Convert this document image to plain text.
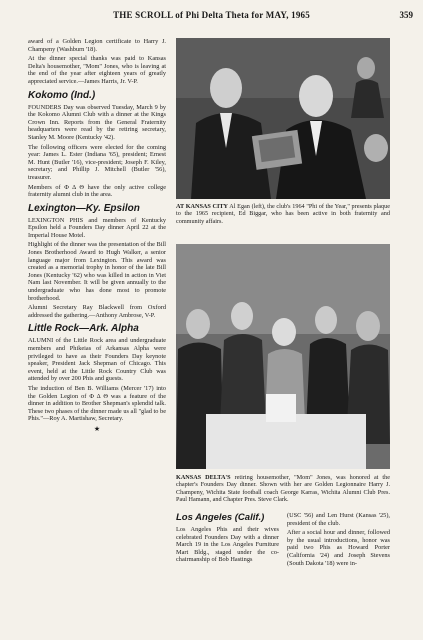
THE SCROLL of Phi Delta Theta for MAY, 1965	359

award of a Golden Legion certificate to Harry J. Champeny (Washburn '18).

At the dinner special thanks was paid to Kansas Delta's housemother, "Mom" Jones, who is leaving at the end of the year after eighteen years of greatly appreciated service.—James Harris, Jr. V-P.

Kokomo (Ind.)

FOUNDERS Day was observed Tuesday, March 9 by the Kokomo Alumni Club with a dinner at the Kings Crown Inn. Reports from the General Fraternity headquarters were read by the retiring secretary, Stanley M. Moore (Kentucky '42).

The following officers were elected for the coming year: James L. Ester (Indiana '65), president; Ernest M. Hunt (Butler '16), vice-president; Joseph F. Kiley, secretary; and Phillip J. Mitchell (Butler '56), treasurer.

Members of Φ Δ Θ have the only active college fraternity alumni club in the area.

Lexington—Ky. Epsilon

LEXINGTON PHIS and members of Kentucky Epsilon held a Founders Day dinner April 22 at the Imperial House Motel.

Highlight of the dinner was the presentation of the Bill Jones Brotherhood Award to Hugh Walker, a senior language major from Lexington. This award was created as a memorial trophy in honor of the late Bill Jones (Kentucky '62) who was killed in action in Viet Nam last November. It will be given annually to the undergraduate who has done most to promote brotherhood.

Alumni Secretary Ray Blackwell from Oxford addressed the gathering.—Anthony Ambrose, V-P.

Little Rock—Ark. Alpha

ALUMNI of the Little Rock area and undergraduate members and Phikeias of Arkansas Alpha were privileged to have as their Founders Day keynote speaker, President Jack Shepman of Chicago. This event, held at the Little Rock Country Club was attended by over 200 Phis and guests.

The induction of Ben B. Williams (Mercer '17) into the Golden Legion of Φ Δ Θ was a feature of the dinner in addition to Brother Shepman's splendid talk. These two phases of the dinner made us all "glad to be Phis."—Roy A. Martishaw, Secretary.

★
AT KANSAS CITY Al Egan (left), the club's 1964 "Phi of the Year," presents plaque to the 1965 recipient, Ed Biggar, who has been active in both fraternity and community affairs.
KANSAS DELTA'S retiring housemother, "Mom" Jones, was honored at the chapter's Founders Day dinner. Shown with her are Golden Legionnaire Harry J. Champeny, Wichita State football coach George Karras, Wichita Alumni Club Pres. Paul Hamann, and Chapter Pres. Steve Clark.
Los Angeles (Calif.)

Los Angeles Phis and their wives celebrated Founders Day with a dinner March 19 in the Los Angeles Furniture Mart Bldg., staged under the co-chairmanship of Bob Hastings

(USC '56) and Len Hurst (Kansas '25), president of the club.

After a social hour and dinner, followed by the usual introductions, honor was paid two Phis as Howard Porter (California '24) and Joseph Stevens (South Dakota '18) were in-
